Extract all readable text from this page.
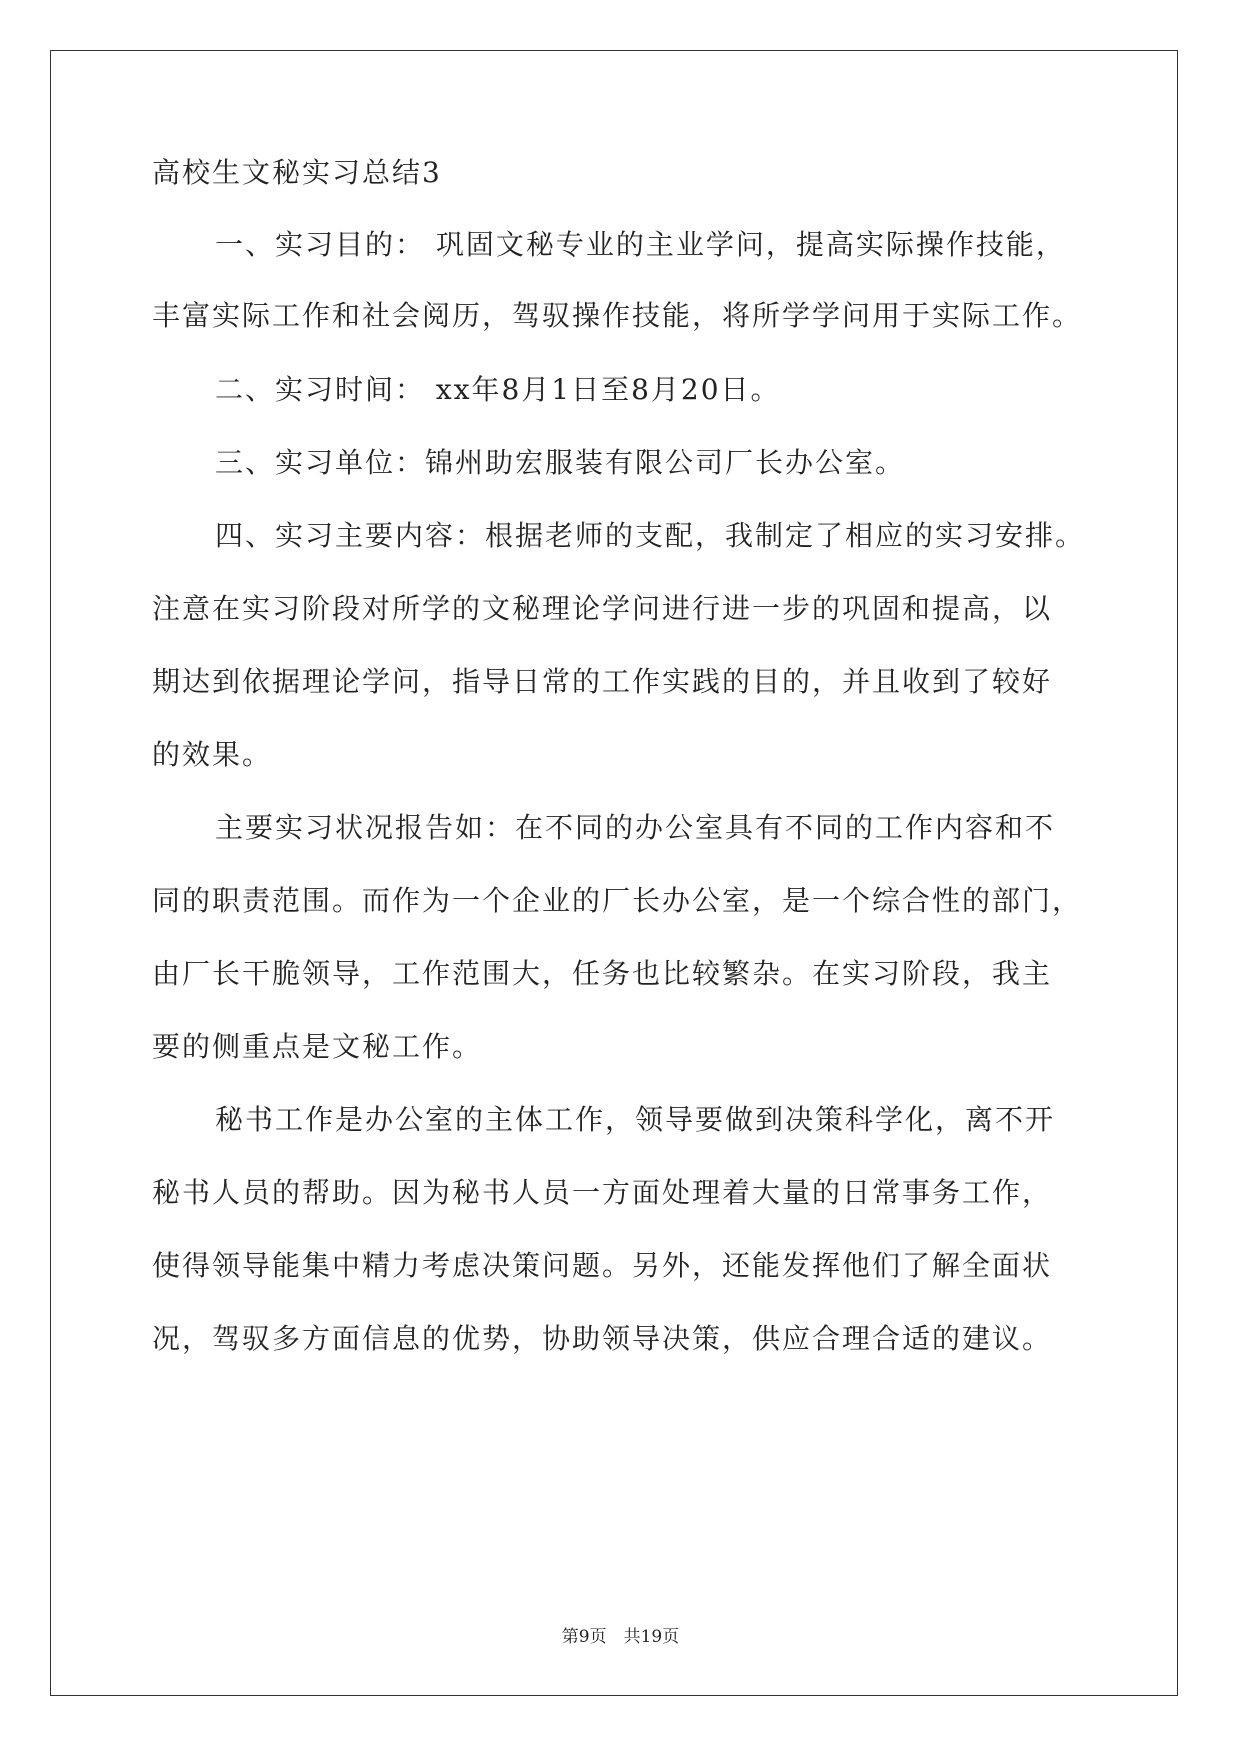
高校生文秘实习总结3
一、实习目的： 巩固文秘专业的主业学问，提高实际操作技能，
丰富实际工作和社会阅历，驾驭操作技能，将所学学问用于实际工作。
二、实习时间： xx年8月1日至8月20日。
三、实习单位：锦州助宏服装有限公司厂长办公室。
四、实习主要内容：根据老师的支配，我制定了相应的实习安排。
注意在实习阶段对所学的文秘理论学问进行进一步的巩固和提高，以
期达到依据理论学问，指导日常的工作实践的目的，并且收到了较好
的效果。
主要实习状况报告如：在不同的办公室具有不同的工作内容和不
同的职责范围。而作为一个企业的厂长办公室，是一个综合性的部门，
由厂长干脆领导，工作范围大，任务也比较繁杂。在实习阶段，我主
要的侧重点是文秘工作。
秘书工作是办公室的主体工作，领导要做到决策科学化，离不开
秘书人员的帮助。因为秘书人员一方面处理着大量的日常事务工作，
使得领导能集中精力考虑决策问题。另外，还能发挥他们了解全面状
况，驾驭多方面信息的优势，协助领导决策，供应合理合适的建议。
第9页　共19页
